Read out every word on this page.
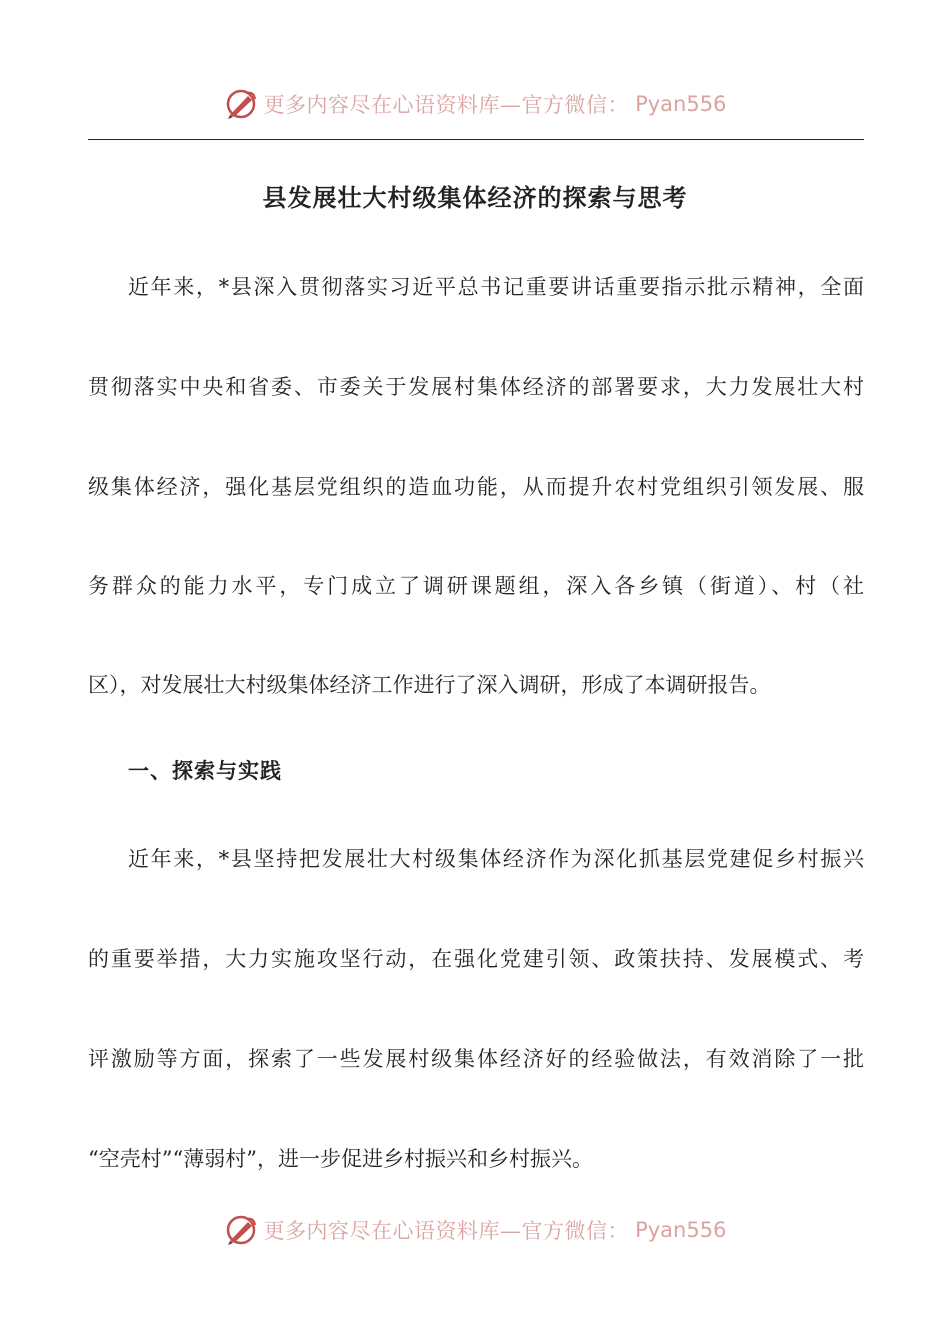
更多内容尽在心语资料库—官方微信： Pyan556
县发展壮大村级集体经济的探索与思考
近年来，*县深入贯彻落实习近平总书记重要讲话重要指示批示精神，全面
贯彻落实中央和省委、市委关于发展村集体经济的部署要求，大力发展壮大村
级集体经济，强化基层党组织的造血功能，从而提升农村党组织引领发展、服
务群众的能力水平，专门成立了调研课题组，深入各乡镇（街道）、村（社
区），对发展壮大村级集体经济工作进行了深入调研，形成了本调研报告。
一、探索与实践
近年来，*县坚持把发展壮大村级集体经济作为深化抓基层党建促乡村振兴
的重要举措，大力实施攻坚行动，在强化党建引领、政策扶持、发展模式、考
评激励等方面，探索了一些发展村级集体经济好的经验做法，有效消除了一批
“空壳村”“薄弱村”，进一步促进乡村振兴和乡村振兴。
更多内容尽在心语资料库—官方微信： Pyan556
